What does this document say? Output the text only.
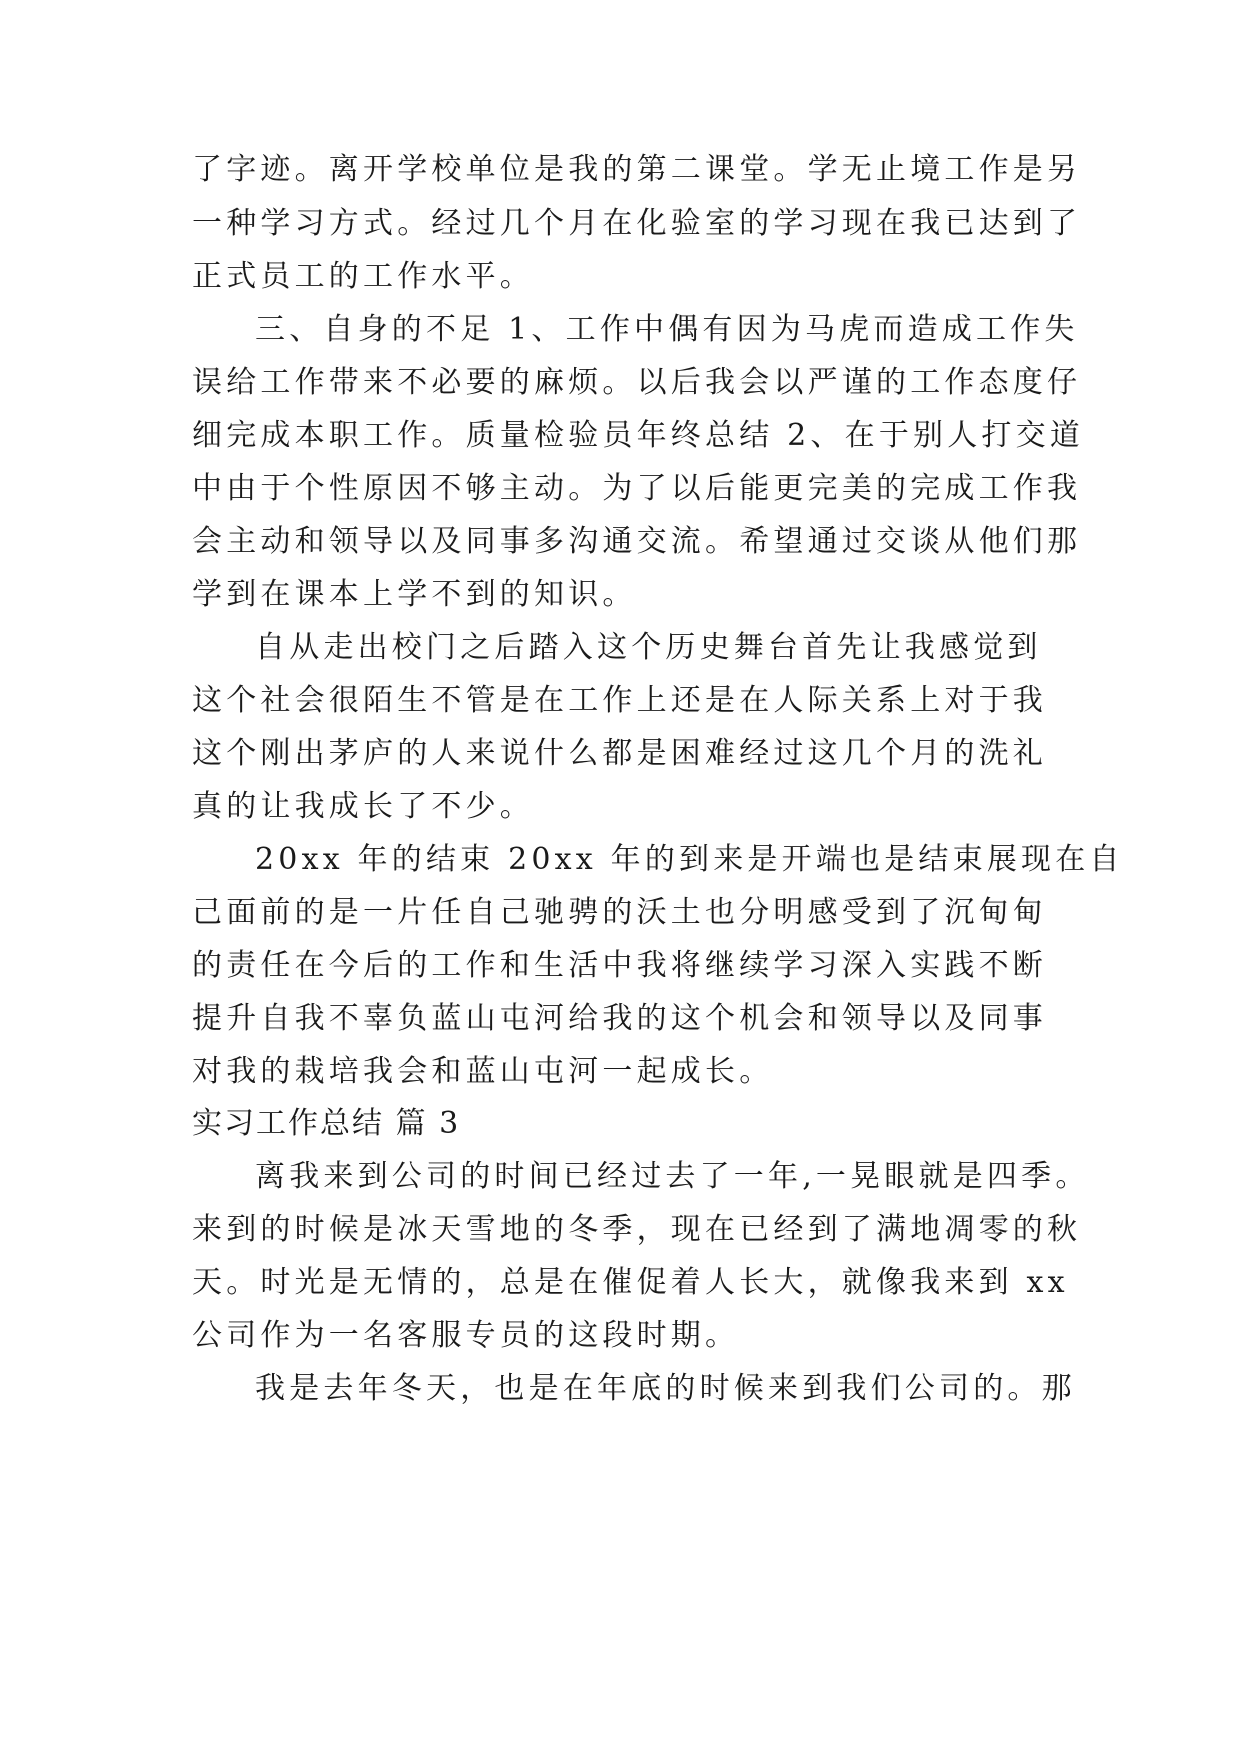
了字迹。离开学校单位是我的第二课堂。学无止境工作是另
一种学习方式。经过几个月在化验室的学习现在我已达到了
正式员工的工作水平。
三、自身的不足 1、工作中偶有因为马虎而造成工作失
误给工作带来不必要的麻烦。以后我会以严谨的工作态度仔
细完成本职工作。质量检验员年终总结 2、在于别人打交道
中由于个性原因不够主动。为了以后能更完美的完成工作我
会主动和领导以及同事多沟通交流。希望通过交谈从他们那
学到在课本上学不到的知识。
自从走出校门之后踏入这个历史舞台首先让我感觉到
这个社会很陌生不管是在工作上还是在人际关系上对于我
这个刚出茅庐的人来说什么都是困难经过这几个月的洗礼
真的让我成长了不少。
20xx 年的结束 20xx 年的到来是开端也是结束展现在自
己面前的是一片任自己驰骋的沃土也分明感受到了沉甸甸
的责任在今后的工作和生活中我将继续学习深入实践不断
提升自我不辜负蓝山屯河给我的这个机会和领导以及同事
对我的栽培我会和蓝山屯河一起成长。
实习工作总结 篇 3
离我来到公司的时间已经过去了一年,一晃眼就是四季。
来到的时候是冰天雪地的冬季，现在已经到了满地凋零的秋
天。时光是无情的，总是在催促着人长大，就像我来到 xx
公司作为一名客服专员的这段时期。
我是去年冬天，也是在年底的时候来到我们公司的。那
